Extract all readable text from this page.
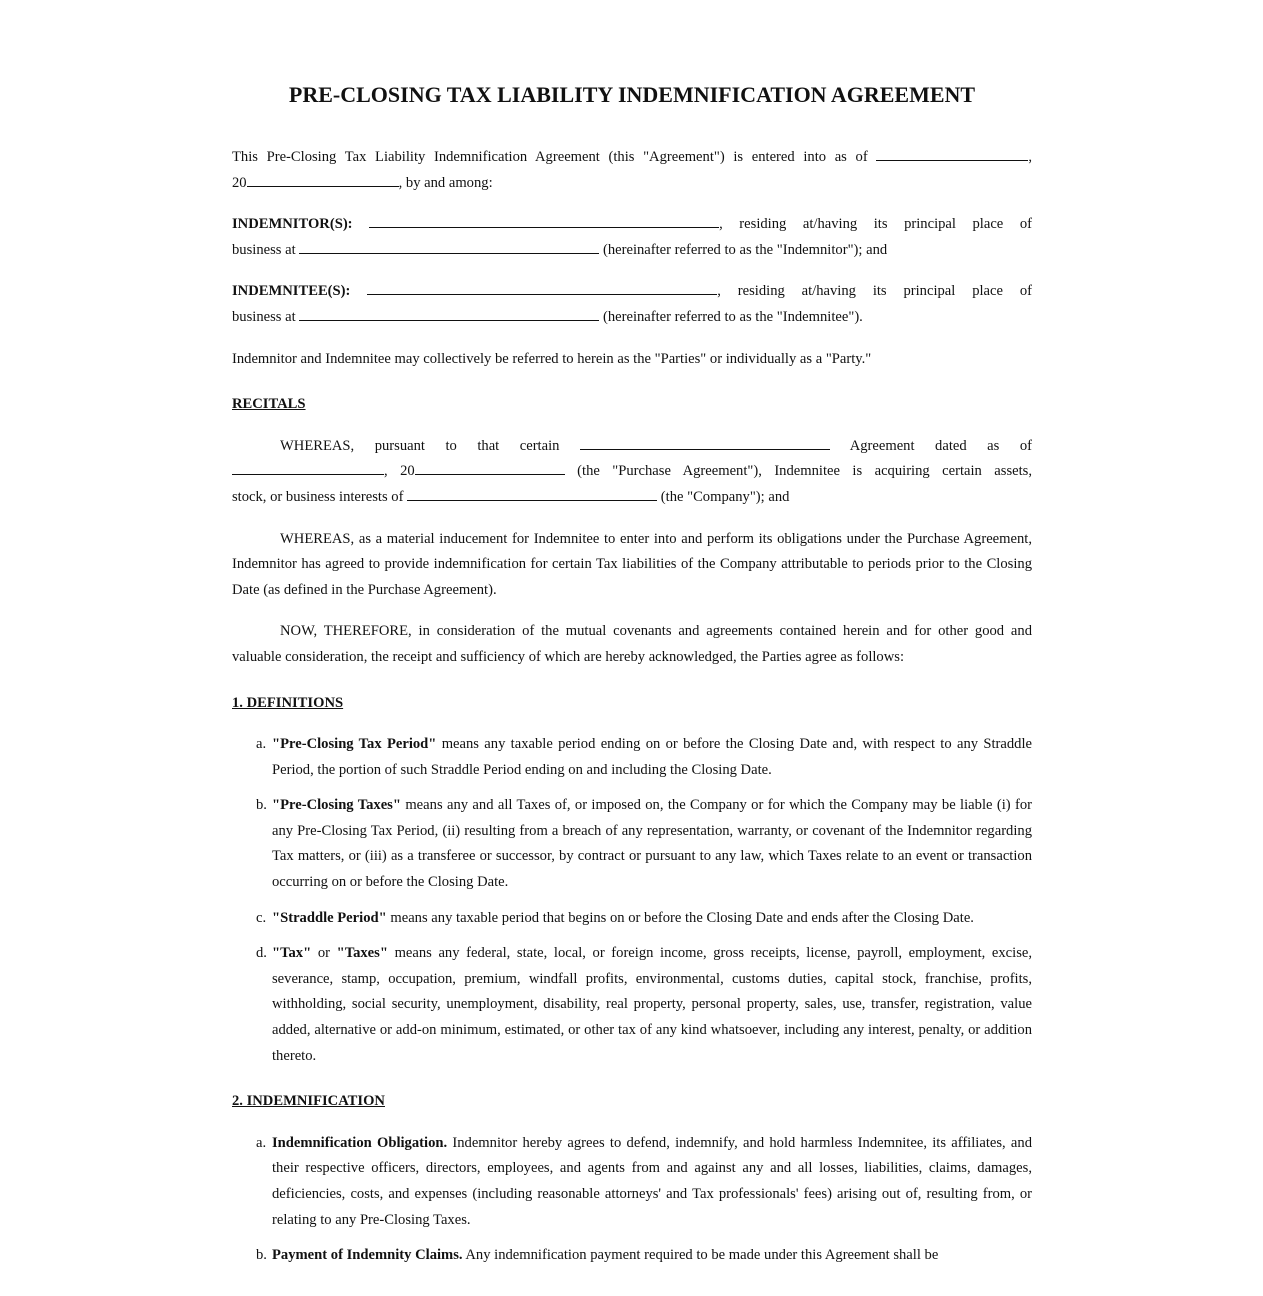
PRE-CLOSING TAX LIABILITY INDEMNIFICATION AGREEMENT

This Pre-Closing Tax Liability Indemnification Agreement (this "Agreement") is entered into as of	,

20	, by and among:

INDEMNITOR(S):	, residing at/having its principal place of

business at	(hereinafter referred to as the "Indemnitor"); and

INDEMNITEE(S):	, residing at/having its principal place of

business at	(hereinafter referred to as the "Indemnitee").

Indemnitor and Indemnitee may collectively be referred to herein as the "Parties" or individually as a "Party."

RECITALS

WHEREAS, pursuant to that certain	Agreement dated as of

, 20	(the "Purchase Agreement"), Indemnitee is acquiring certain assets,

stock, or business interests of	(the "Company"); and

WHEREAS, as a material inducement for Indemnitee to enter into and perform its obligations under the Purchase Agreement, Indemnitor has agreed to provide indemnification for certain Tax liabilities of the Company attributable to periods prior to the Closing Date (as defined in the Purchase Agreement).

NOW, THEREFORE, in consideration of the mutual covenants and agreements contained herein and for other good and valuable consideration, the receipt and sufficiency of which are hereby acknowledged, the Parties agree as follows:

1. DEFINITIONS

a. "Pre-Closing Tax Period" means any taxable period ending on or before the Closing Date and, with respect to any Straddle Period, the portion of such Straddle Period ending on and including the Closing Date.
b. "Pre-Closing Taxes" means any and all Taxes of, or imposed on, the Company or for which the Company may be liable (i) for any Pre-Closing Tax Period, (ii) resulting from a breach of any representation, warranty, or covenant of the Indemnitor regarding Tax matters, or (iii) as a transferee or successor, by contract or pursuant to any law, which Taxes relate to an event or transaction occurring on or before the Closing Date.
c. "Straddle Period" means any taxable period that begins on or before the Closing Date and ends after the Closing Date.
d. "Tax" or "Taxes" means any federal, state, local, or foreign income, gross receipts, license, payroll, employment, excise, severance, stamp, occupation, premium, windfall profits, environmental, customs duties, capital stock, franchise, profits, withholding, social security, unemployment, disability, real property, personal property, sales, use, transfer, registration, value added, alternative or add-on minimum, estimated, or other tax of any kind whatsoever, including any interest, penalty, or addition thereto.

2. INDEMNIFICATION

a. Indemnification Obligation. Indemnitor hereby agrees to defend, indemnify, and hold harmless Indemnitee, its affiliates, and their respective officers, directors, employees, and agents from and against any and all losses, liabilities, claims, damages, deficiencies, costs, and expenses (including reasonable attorneys' and Tax professionals' fees) arising out of, resulting from, or relating to any Pre-Closing Taxes.
b. Payment of Indemnity Claims. Any indemnification payment required to be made under this Agreement shall be
